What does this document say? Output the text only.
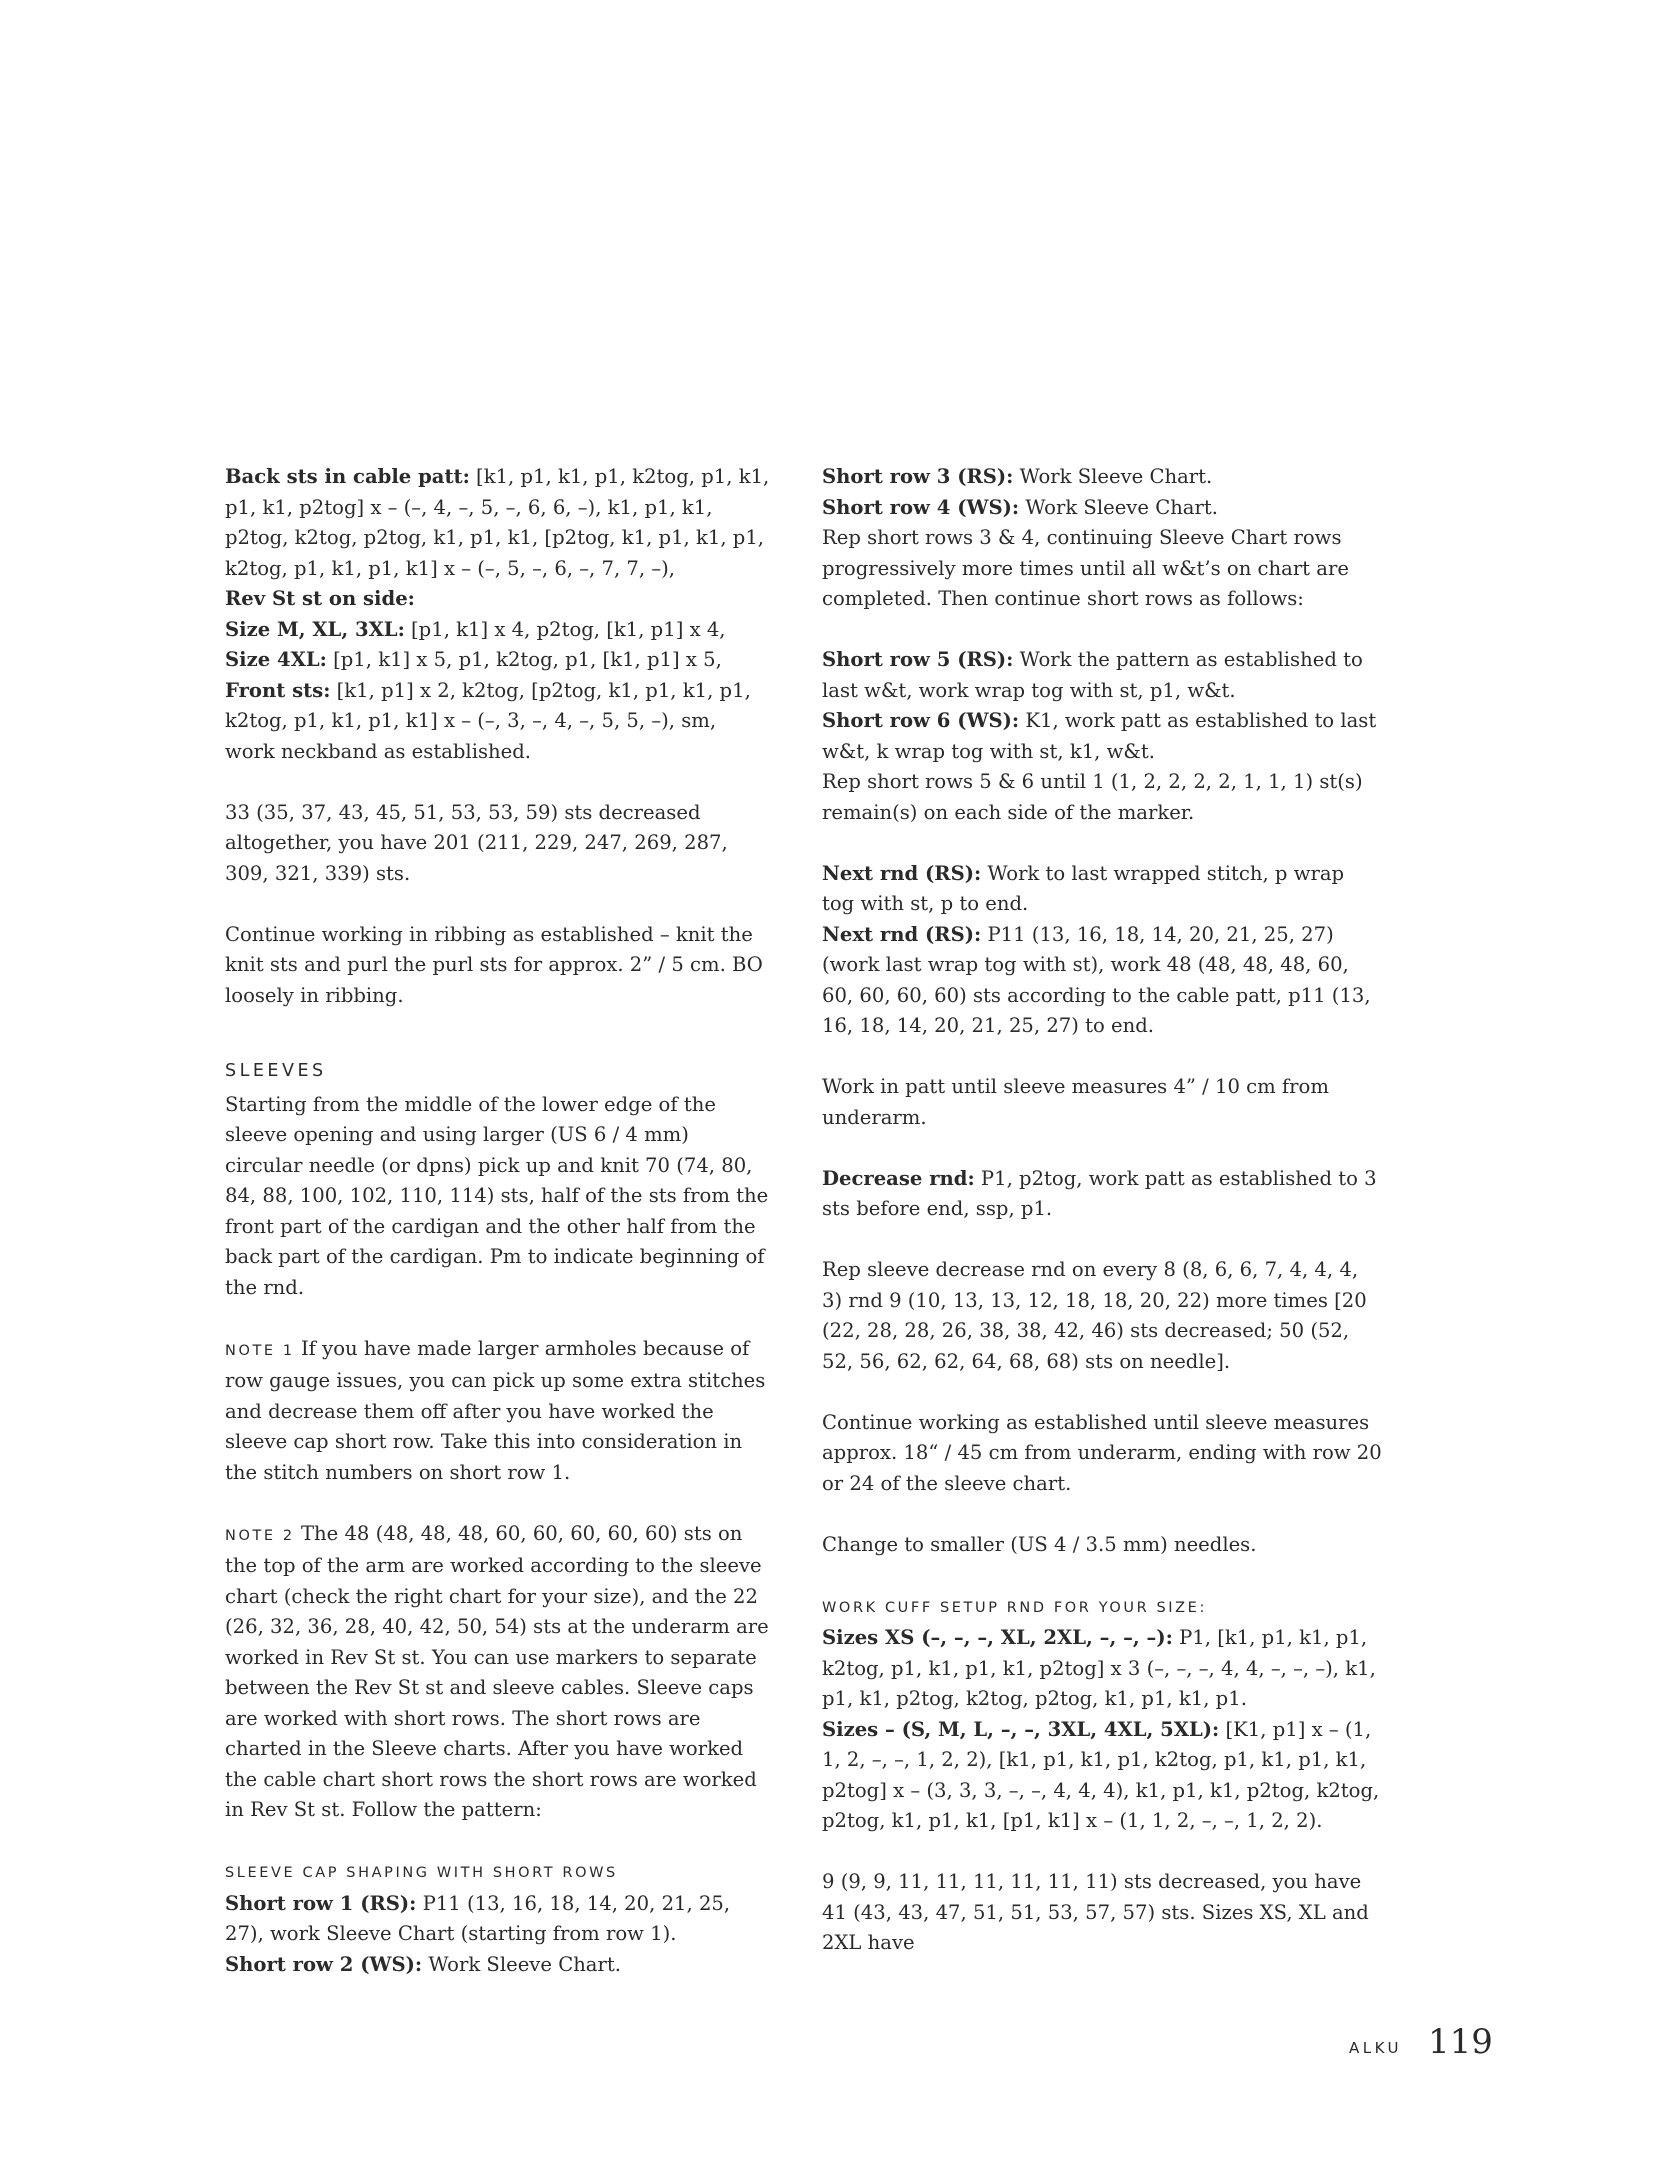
Back sts in cable patt: [k1, p1, k1, p1, k2tog, p1, k1, p1, k1, p2tog] x – (–, 4, –, 5, –, 6, 6, –), k1, p1, k1, p2tog, k2tog, p2tog, k1, p1, k1, [p2tog, k1, p1, k1, p1, k2tog, p1, k1, p1, k1] x – (–, 5, –, 6, –, 7, 7, –),

Rev St st on side:

Size M, XL, 3XL: [p1, k1] x 4, p2tog, [k1, p1] x 4,

Size 4XL: [p1, k1] x 5, p1, k2tog, p1, [k1, p1] x 5,

Front sts: [k1, p1] x 2, k2tog, [p2tog, k1, p1, k1, p1, k2tog, p1, k1, p1, k1] x – (–, 3, –, 4, –, 5, 5, –), sm, work neckband as established.

33 (35, 37, 43, 45, 51, 53, 53, 59) sts decreased altogether, you have 201 (211, 229, 247, 269, 287, 309, 321, 339) sts.

Continue working in ribbing as established – knit the knit sts and purl the purl sts for approx. 2” / 5 cm. BO loosely in ribbing.

SLEEVES

Starting from the middle of the lower edge of the sleeve opening and using larger (US 6 / 4 mm) circular needle (or dpns) pick up and knit 70 (74, 80, 84, 88, 100, 102, 110, 114) sts, half of the sts from the front part of the cardigan and the other half from the back part of the cardigan. Pm to indicate beginning of the rnd.

NOTE 1 If you have made larger armholes because of row gauge issues, you can pick up some extra stitches and decrease them off after you have worked the sleeve cap short row. Take this into consideration in the stitch numbers on short row 1.

NOTE 2 The 48 (48, 48, 48, 60, 60, 60, 60, 60) sts on the top of the arm are worked according to the sleeve chart (check the right chart for your size), and the 22 (26, 32, 36, 28, 40, 42, 50, 54) sts at the underarm are worked in Rev St st. You can use markers to separate between the Rev St st and sleeve cables. Sleeve caps are worked with short rows. The short rows are charted in the Sleeve charts. After you have worked the cable chart short rows the short rows are worked in Rev St st. Follow the pattern:

SLEEVE CAP SHAPING WITH SHORT ROWS

Short row 1 (RS): P11 (13, 16, 18, 14, 20, 21, 25, 27), work Sleeve Chart (starting from row 1).

Short row 2 (WS): Work Sleeve Chart.

Short row 3 (RS): Work Sleeve Chart.

Short row 4 (WS): Work Sleeve Chart.

Rep short rows 3 & 4, continuing Sleeve Chart rows progressively more times until all w&t’s on chart are completed. Then continue short rows as follows:

Short row 5 (RS): Work the pattern as established to last w&t, work wrap tog with st, p1, w&t.

Short row 6 (WS): K1, work patt as established to last w&t, k wrap tog with st, k1, w&t.

Rep short rows 5 & 6 until 1 (1, 2, 2, 2, 2, 1, 1, 1) st(s) remain(s) on each side of the marker.

Next rnd (RS): Work to last wrapped stitch, p wrap tog with st, p to end.

Next rnd (RS): P11 (13, 16, 18, 14, 20, 21, 25, 27) (work last wrap tog with st), work 48 (48, 48, 48, 60, 60, 60, 60, 60) sts according to the cable patt, p11 (13, 16, 18, 14, 20, 21, 25, 27) to end.

Work in patt until sleeve measures 4” / 10 cm from underarm.

Decrease rnd: P1, p2tog, work patt as established to 3 sts before end, ssp, p1.

Rep sleeve decrease rnd on every 8 (8, 6, 6, 7, 4, 4, 4, 3) rnd 9 (10, 13, 13, 12, 18, 18, 20, 22) more times [20 (22, 28, 28, 26, 38, 38, 42, 46) sts decreased; 50 (52, 52, 56, 62, 62, 64, 68, 68) sts on needle].

Continue working as established until sleeve measures approx. 18“ / 45 cm from underarm, ending with row 20 or 24 of the sleeve chart.

Change to smaller (US 4 / 3.5 mm) needles.

WORK CUFF SETUP RND FOR YOUR SIZE:

Sizes XS (–, –, –, XL, 2XL, –, –, –): P1, [k1, p1, k1, p1, k2tog, p1, k1, p1, k1, p2tog] x 3 (–, –, –, 4, 4, –, –, –), k1, p1, k1, p2tog, k2tog, p2tog, k1, p1, k1, p1.

Sizes – (S, M, L, –, –, 3XL, 4XL, 5XL): [K1, p1] x – (1, 1, 2, –, –, 1, 2, 2), [k1, p1, k1, p1, k2tog, p1, k1, p1, k1, p2tog] x – (3, 3, 3, –, –, 4, 4, 4), k1, p1, k1, p2tog, k2tog, p2tog, k1, p1, k1, [p1, k1] x – (1, 1, 2, –, –, 1, 2, 2).

9 (9, 9, 11, 11, 11, 11, 11, 11) sts decreased, you have 41 (43, 43, 47, 51, 51, 53, 57, 57) sts. Sizes XS, XL and 2XL have

ALKU 119
